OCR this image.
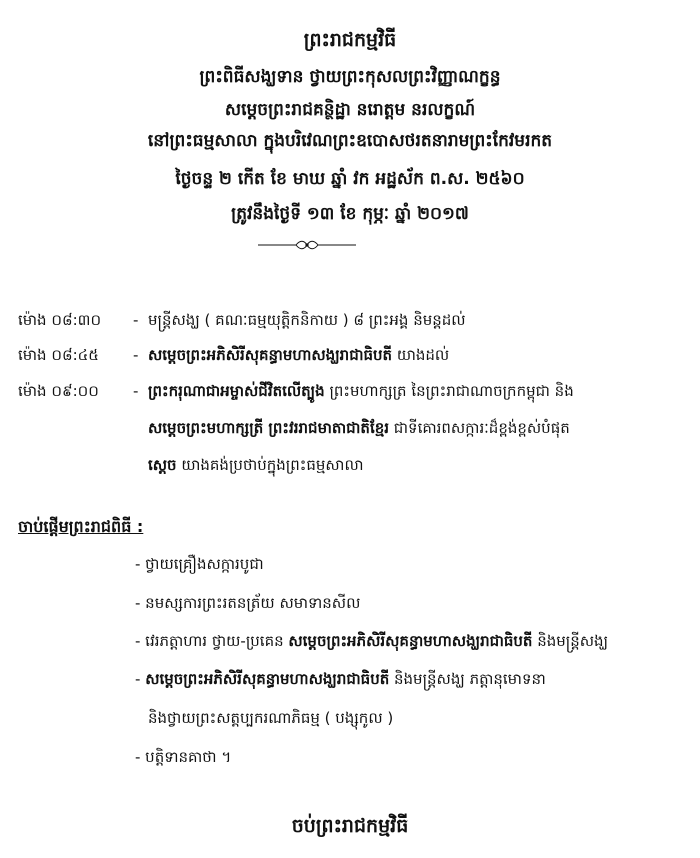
ព្រះរាជកម្មវិធី
ព្រះពិធីសង្ឃទាន ថ្វាយព្រះកុសលព្រះវិញ្ញាណក្ខន្ធ
សម្តេចព្រះរាជគន្ថិដ្ឋា នរោត្តម នរលក្ខណ៍
នៅព្រះធម្មសាលា ក្នុងបរិវេណព្រះឧបោសថរតនារាមព្រះកែវមរកត
ថ្ងៃចន្ទ ២ កើត ខែ មាឃ ឆ្នាំ វក អដ្ឋស័ក ព.ស. ២៥៦០
ត្រូវនឹងថ្ងៃទី ១៣ ខែ កុម្ភៈ ឆ្នាំ ២០១៧
ម៉ោង ០៨:៣០ - មន្ត្រីសង្ឃ ( គណៈធម្មយុត្តិកនិកាយ ) ៨ ព្រះអង្គ និមន្តដល់
ម៉ោង ០៨:៤៥ - សម្តេចព្រះអភិសិរីសុគន្ធាមហាសង្ឃរាជាធិបតី យាងដល់
ម៉ោង ០៩:០០ - ព្រះករុណាជាអម្ចាស់ជីវិតលើត្បូង ព្រះមហាក្សត្រ នៃព្រះរាជាណាចក្រកម្ពុជា និង
សម្តេចព្រះមហាក្សត្រី ព្រះវររាជមាតាជាតិខ្មែរ ជាទីគោរពសក្ការៈដ៏ខ្ពង់ខ្ពស់បំផុត
ស្តេច យាងគង់ប្រថាប់ក្នុងព្រះធម្មសាលា
ចាប់ផ្តើមព្រះរាជពិធី :
- ថ្វាយគ្រឿងសក្ការបូជា
- នមស្សការព្រះរតនត្រ័យ សមាទានសីល
- វេរភត្តាហារ ថ្វាយ-ប្រគេន សម្តេចព្រះអភិសិរីសុគន្ធាមហាសង្ឃរាជាធិបតី និងមន្ត្រីសង្ឃ
- សម្តេចព្រះអភិសិរីសុគន្ធាមហាសង្ឃរាជាធិបតី និងមន្ត្រីសង្ឃ ភត្តានុមោទនា
និងថ្វាយព្រះសត្តប្បករណាភិធម្ម ( បង្សុកូល )
- បត្តិទានគាថា ។
ចប់ព្រះរាជកម្មវិធី
